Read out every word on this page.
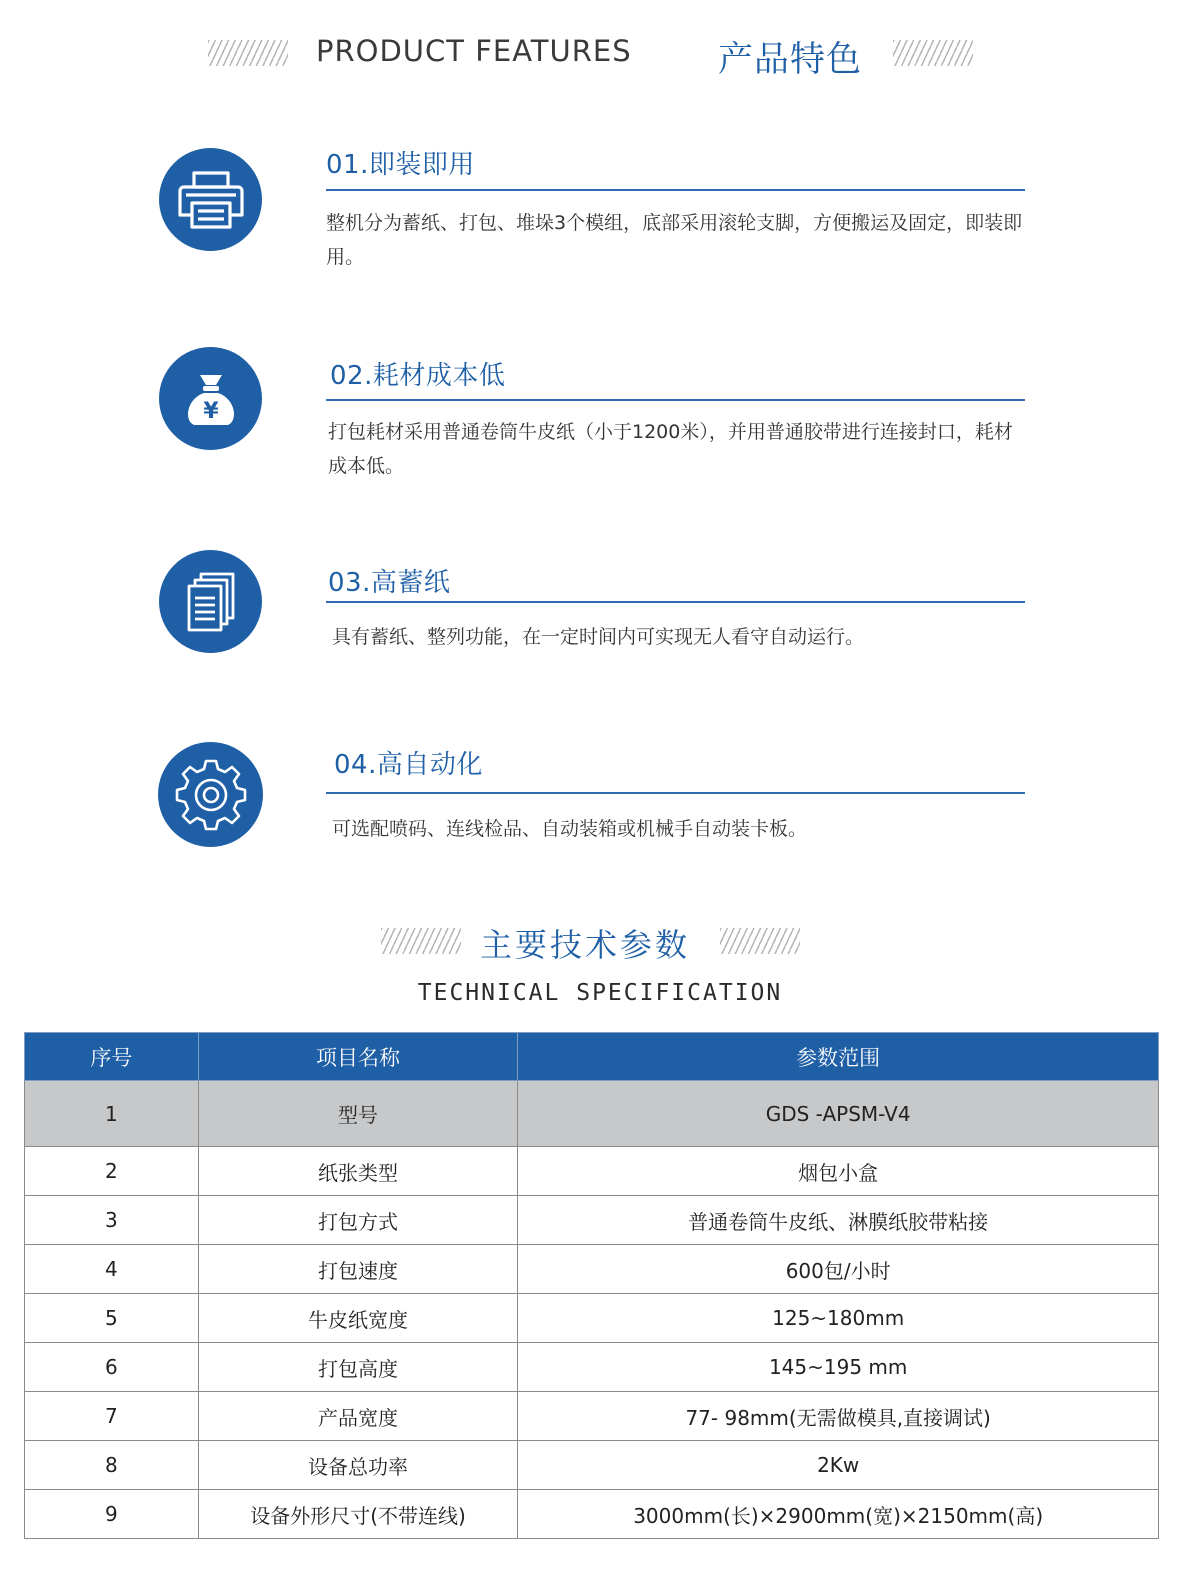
PRODUCT FEATURES 产品特色
01.即装即用
整机分为蓄纸、打包、堆垛3个模组，底部采用滚轮支脚，方便搬运及固定，即装即用。
¥
02.耗材成本低
打包耗材采用普通卷筒牛皮纸（小于1200米），并用普通胶带进行连接封口，耗材成本低。
03.高蓄纸
具有蓄纸、整列功能，在一定时间内可实现无人看守自动运行。
04.高自动化
可选配喷码、连线检品、自动装箱或机械手自动装卡板。
主要技术参数
TECHNICAL SPECIFICATION
序号	项目名称	参数范围
1	型号	GDS -APSM-V4
2	纸张类型	烟包小盒
3	打包方式	普通卷筒牛皮纸、淋膜纸胶带粘接
4	打包速度	600包/小时
5	牛皮纸宽度	125~180mm
6	打包高度	145~195 mm
7	产品宽度	77- 98mm(无需做模具,直接调试)
8	设备总功率	2Kw
9	设备外形尺寸(不带连线)	3000mm(长)×2900mm(宽)×2150mm(高)
